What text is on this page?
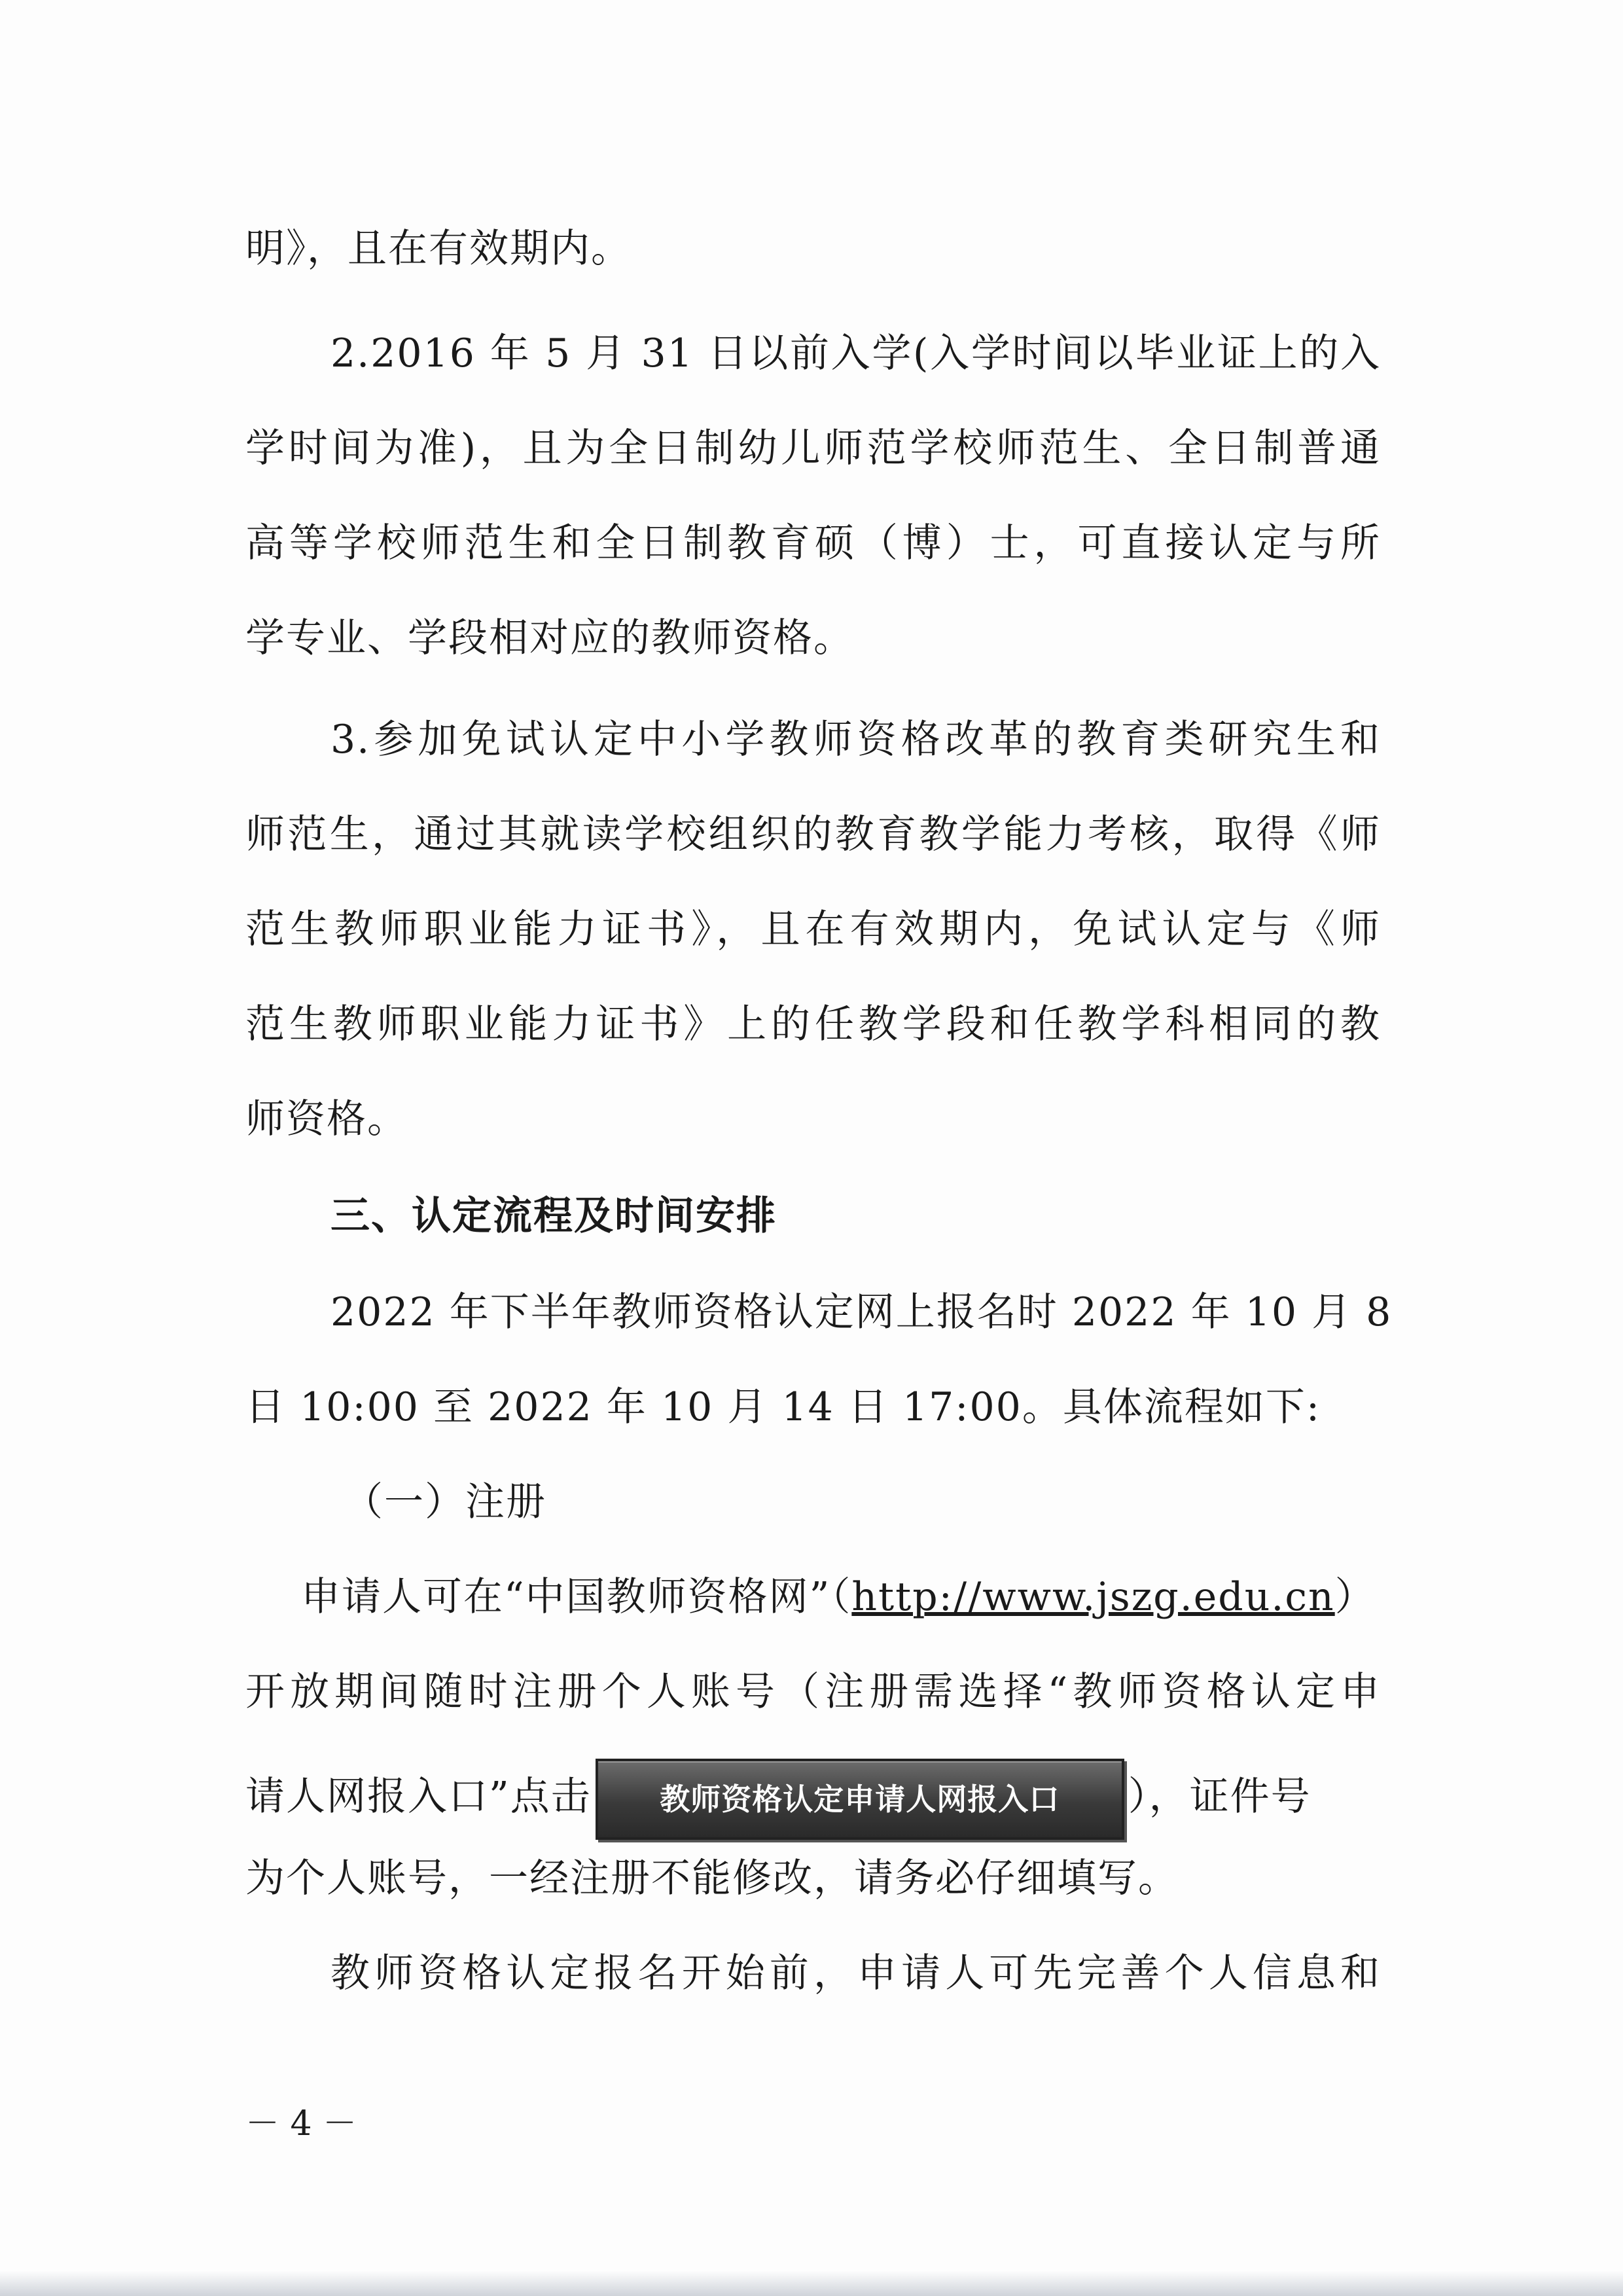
明》，且在有效期内。
2.2016 年 5 月 31 日以前入学(入学时间以毕业证上的入
学时间为准)，且为全日制幼儿师范学校师范生、全日制普通
高等学校师范生和全日制教育硕（博）士，可直接认定与所
学专业、学段相对应的教师资格。
3.参加免试认定中小学教师资格改革的教育类研究生和
师范生，通过其就读学校组织的教育教学能力考核，取得《师
范生教师职业能力证书》，且在有效期内，免试认定与《师
范生教师职业能力证书》上的任教学段和任教学科相同的教
师资格。
三、认定流程及时间安排
2022 年下半年教师资格认定网上报名时 2022 年 10 月 8
日 10:00 至 2022 年 10 月 14 日 17:00。具体流程如下:
（一）注册
申请人可在“中国教师资格网”（http://www.jszg.edu.cn）
开放期间随时注册个人账号（注册需选择“教师资格认定申
请人网报入口”点击 教师资格认定申请人网报入口 ），证件号
为个人账号，一经注册不能修改，请务必仔细填写。
教师资格认定报名开始前，申请人可先完善个人信息和
－ 4 －
